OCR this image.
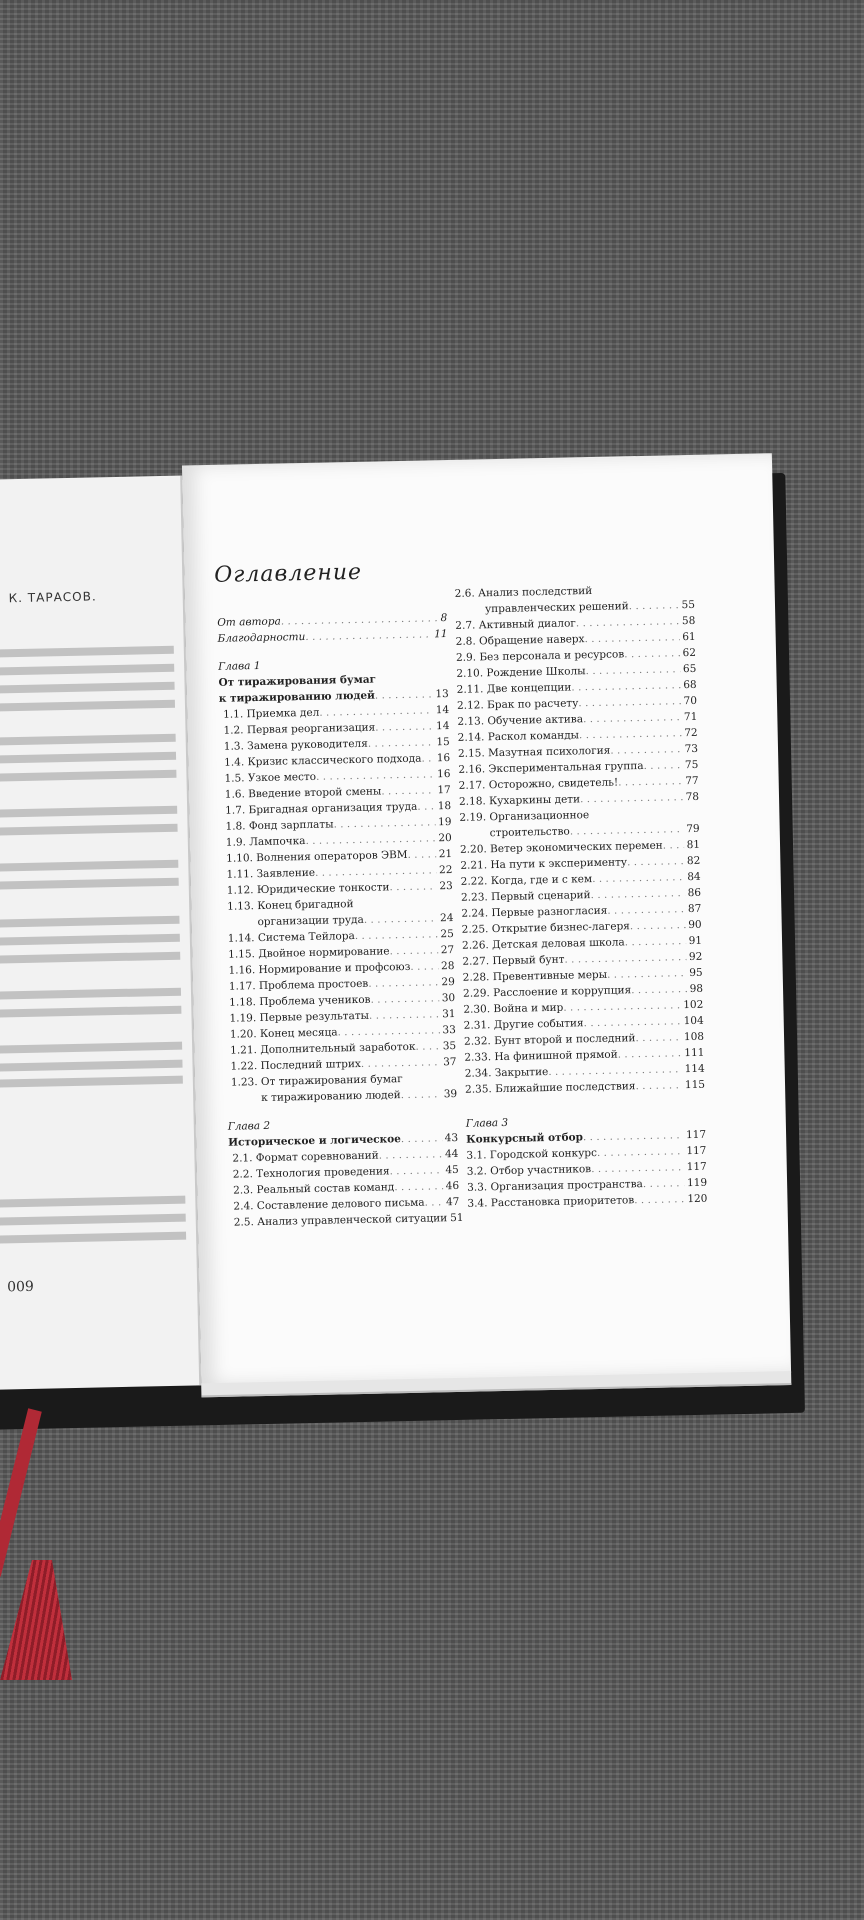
К. ТАРАСОВ.
009
Оглавление
От автора . . .	8
Благодарности . . .	11
Глава 1
От тиражирования бумаг
к тиражированию людей . . .	13
1.1. Приемка дел . . .	14
1.2. Первая реорганизация . . .	14
1.3. Замена руководителя . . .	15
1.4. Кризис классического подхода . . . 16
1.5. Узкое место . . .	16
1.6. Введение второй смены . . .	17
1.7. Бригадная организация труда . . . 18
1.8. Фонд зарплаты . . .	19
1.9. Лампочка . . .	20
1.10. Волнения операторов ЭВМ . . .	21
1.11. Заявление . . .	22
1.12. Юридические тонкости . . .	23
1.13. Конец бригадной
организации труда . . .	24
1.14. Система Тейлора . . .	25
1.15. Двойное нормирование . . .	27
1.16. Нормирование и профсоюз . . .	28
1.17. Проблема простоев . . .	29
1.18. Проблема учеников . . .	30
1.19. Первые результаты . . .	31
1.20. Конец месяца . . .	33
1.21. Дополнительный заработок . . .	35
1.22. Последний штрих . . .	37
1.23. От тиражирования бумаг
к тиражированию людей . . .	39
Глава 2
Историческое и логическое . . .	43
2.1. Формат соревнований . . .	44
2.2. Технология проведения . . .	45
2.3. Реальный состав команд . . .	46
2.4. Составление делового письма . . . 47
2.5. Анализ управленческой ситуации . . . 51
2.6. Анализ последствий
управленческих решений . . .	55
2.7. Активный диалог . . .	58
2.8. Обращение наверх . . .	61
2.9. Без персонала и ресурсов . . .	62
2.10. Рождение Школы . . .	65
2.11. Две концепции . . .	68
2.12. Брак по расчету . . .	70
2.13. Обучение актива . . .	71
2.14. Раскол команды . . .	72
2.15. Мазутная психология . . .	73
2.16. Экспериментальная группа . . .	75
2.17. Осторожно, свидетель! . . .	77
2.18. Кухаркины дети . . .	78
2.19. Организационное
строительство . . .	79
2.20. Ветер экономических перемен . . . 81
2.21. На пути к эксперименту . . .	82
2.22. Когда, где и с кем . . .	84
2.23. Первый сценарий . . .	86
2.24. Первые разногласия . . .	87
2.25. Открытие бизнес-лагеря . . .	90
2.26. Детская деловая школа . . .	91
2.27. Первый бунт . . .	92
2.28. Превентивные меры . . .	95
2.29. Расслоение и коррупция . . .	98
2.30. Война и мир . . .	102
2.31. Другие события . . .	104
2.32. Бунт второй и последний . . .	108
2.33. На финишной прямой . . .	111
2.34. Закрытие . . .	114
2.35. Ближайшие последствия . . .	115
Глава 3
Конкурсный отбор . . .	117
3.1. Городской конкурс . . .	117
3.2. Отбор участников . . .	117
3.3. Организация пространства . . .	119
3.4. Расстановка приоритетов . . .	120
